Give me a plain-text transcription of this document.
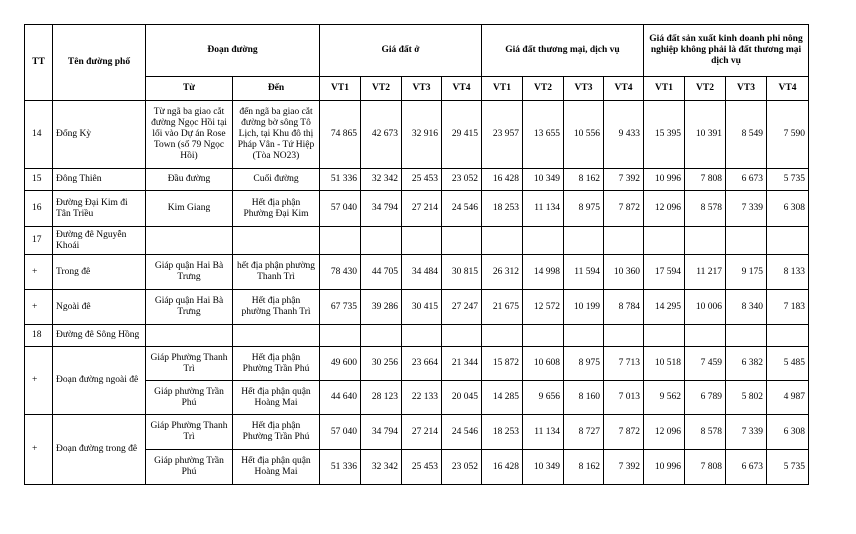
TT	Tên đường phố	Đoạn đường		Giá đất ở				Giá đất thương mại, dịch vụ				Giá đất sản xuất kinh doanh phi nông nghiệp không phải là đất thương mại dịch vụ			
		Từ	Đến	VT1	VT2	VT3	VT4	VT1	VT2	VT3	VT4	VT1	VT2	VT3	VT4
14	Đống Kỳ	Từ ngã ba giao cắt đường Ngọc Hồi tại lối vào Dự án Rose Town (số 79 Ngọc Hồi)	đến ngã ba giao cắt đường bờ sông Tô Lịch, tại Khu đô thị Pháp Vân - Tứ Hiệp (Tòa NO23)	74 865	42 673	32 916	29 415	23 957	13 655	10 556	9 433	15 395	10 391	8 549	7 590
15	Đông Thiên	Đầu đường	Cuối đường	51 336	32 342	25 453	23 052	16 428	10 349	8 162	7 392	10 996	7 808	6 673	5 735
16	Đường Đại Kim đi Tân Triều	Kim Giang	Hết địa phận Phường Đại Kim	57 040	34 794	27 214	24 546	18 253	11 134	8 975	7 872	12 096	8 578	7 339	6 308
17	Đường đê Nguyễn Khoái														
+	Trong đê	Giáp quận Hai Bà Trưng	hết địa phận phường Thanh Trì	78 430	44 705	34 484	30 815	26 312	14 998	11 594	10 360	17 594	11 217	9 175	8 133
+	Ngoài đê	Giáp quận Hai Bà Trưng	Hết địa phận phường Thanh Trì	67 735	39 286	30 415	27 247	21 675	12 572	10 199	8 784	14 295	10 006	8 340	7 183
18	Đường đê Sông Hồng														
+	Đoạn đường ngoài đê	Giáp Phường Thanh Trì	Hết địa phận Phường Trần Phú	49 600	30 256	23 664	21 344	15 872	10 608	8 975	7 713	10 518	7 459	6 382	5 485
		Giáp phường Trần Phú	Hết địa phận quận Hoàng Mai	44 640	28 123	22 133	20 045	14 285	9 656	8 160	7 013	9 562	6 789	5 802	4 987
+	Đoạn đường trong đê	Giáp Phường Thanh Trì	Hết địa phận Phường Trần Phú	57 040	34 794	27 214	24 546	18 253	11 134	8 727	7 872	12 096	8 578	7 339	6 308
		Giáp phường Trần Phú	Hết địa phận quận Hoàng Mai	51 336	32 342	25 453	23 052	16 428	10 349	8 162	7 392	10 996	7 808	6 673	5 735
